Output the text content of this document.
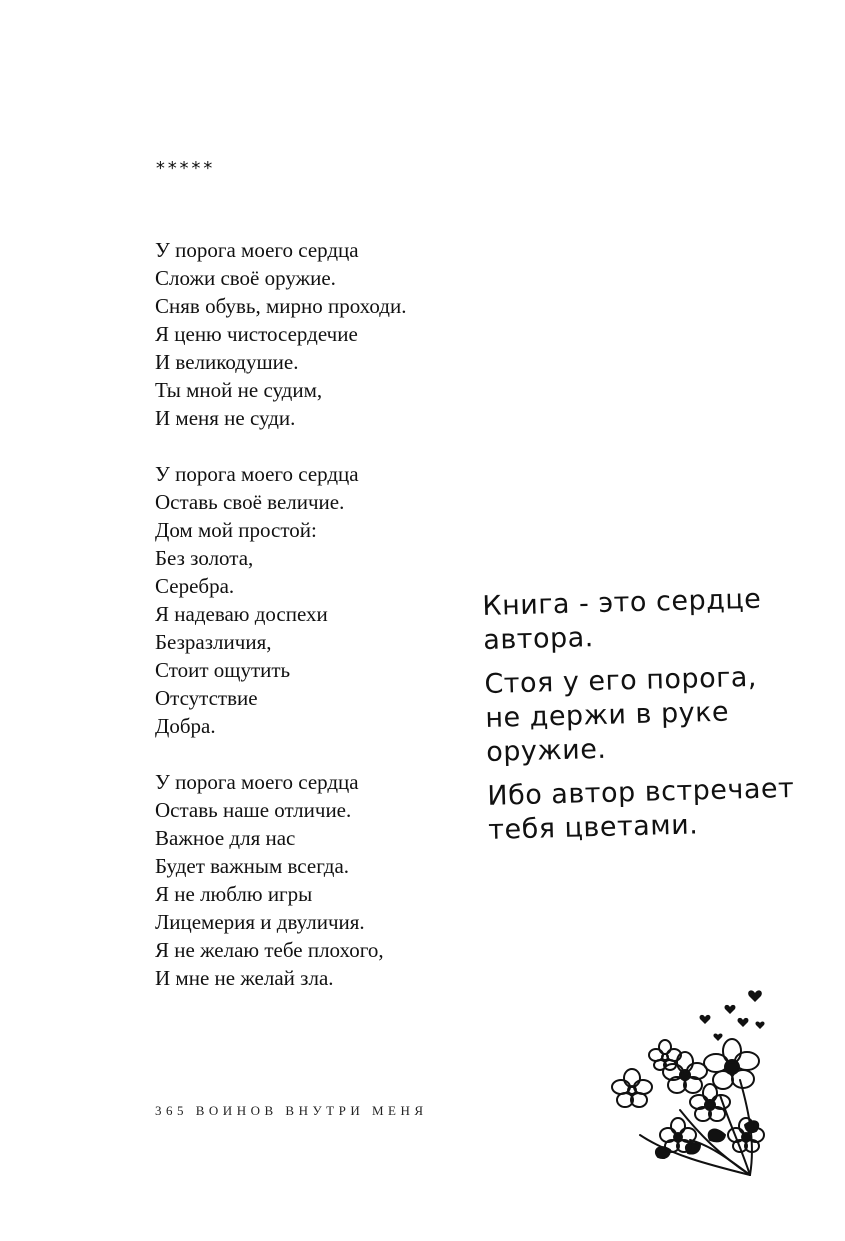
*****
У порога моего сердца
Сложи своё оружие.
Сняв обувь, мирно проходи.
Я ценю чистосердечие
И великодушие.
Ты мной не судим,
И меня не суди.
У порога моего сердца
Оставь своё величие.
Дом мой простой:
Без золота,
Серебра.
Я надеваю доспехи
Безразличия,
Стоит ощутить
Отсутствие
Добра.
У порога моего сердца
Оставь наше отличие.
Важное для нас
Будет важным всегда.
Я не люблю игры
Лицемерия и двуличия.
Я не желаю тебе плохого,
И мне не желай зла.
Книга - это сердце
автора.
Стоя у его порога,
не держи в руке
оружие.
Ибо автор встречает
тебя цветами.
365 ВОИНОВ ВНУТРИ МЕНЯ
